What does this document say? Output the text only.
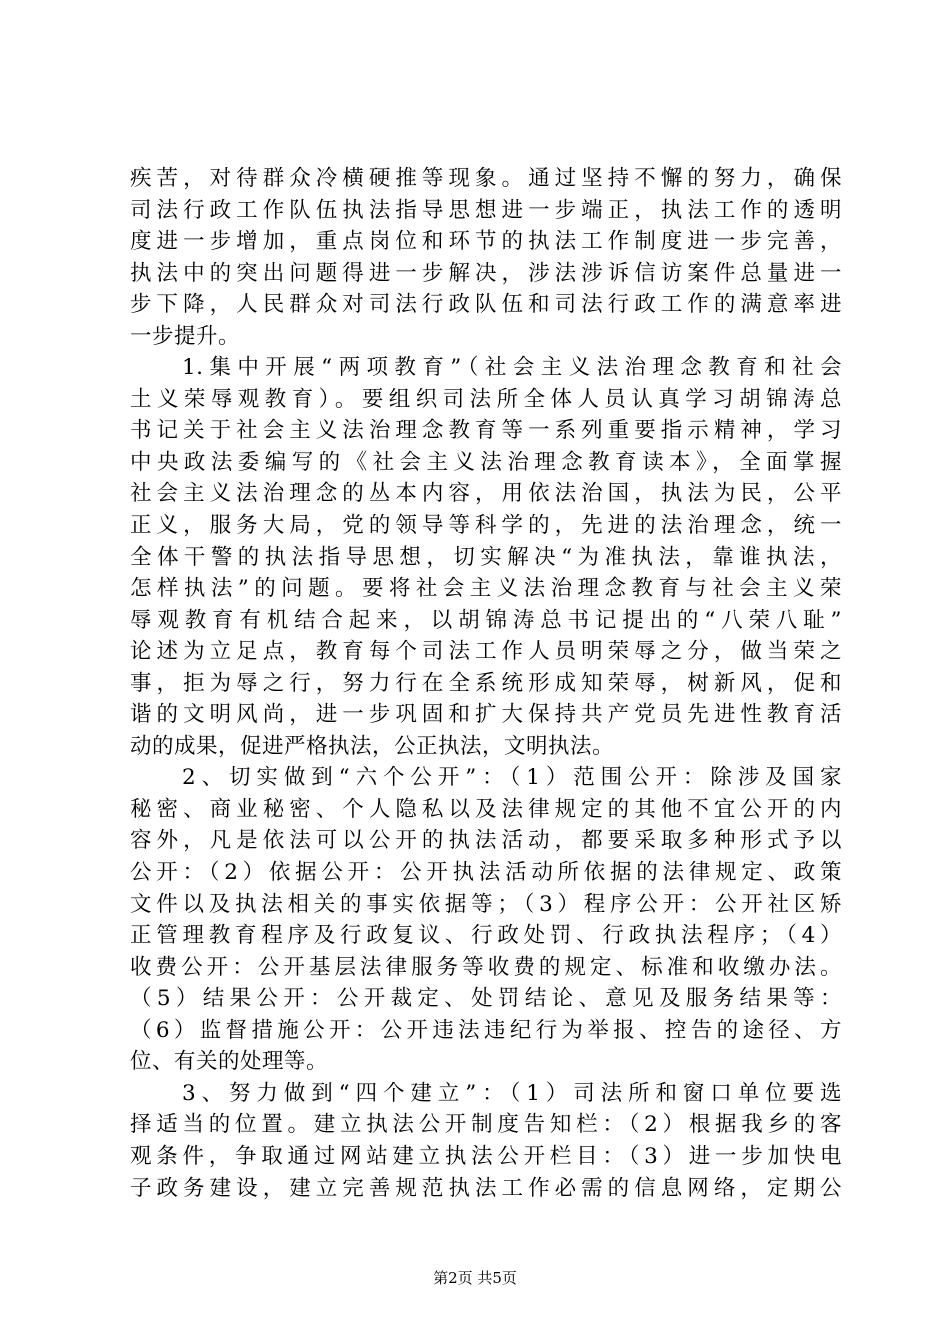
疾苦，对待群众冷横硬推等现象。通过坚持不懈的努力，确保
司法行政工作队伍执法指导思想进一步端正，执法工作的透明
度进一步增加，重点岗位和环节的执法工作制度进一步完善，
执法中的突出问题得进一步解决，涉法涉诉信访案件总量进一
步下降，人民群众对司法行政队伍和司法行政工作的满意率进
一步提升。
1.集中开展“两项教育”（社会主义法治理念教育和社会
土义荣辱观教育）。要组织司法所全体人员认真学习胡锦涛总
书记关于社会主义法治理念教育等一系列重要指示精神，学习
中央政法委编写的《社会主义法治理念教育读本》，全面掌握
社会主义法治理念的丛本内容，用依法治国，执法为民，公平
正义，服务大局，党的领导等科学的，先进的法治理念，统一
全体干警的执法指导思想，切实解决“为准执法，靠谁执法，
怎样执法”的问题。要将社会主义法治理念教育与社会主义荣
辱观教育有机结合起来，以胡锦涛总书记提出的“八荣八耻”
论述为立足点，教育每个司法工作人员明荣辱之分，做当荣之
事，拒为辱之行，努力行在全系统形成知荣辱，树新风，促和
谐的文明风尚，进一步巩固和扩大保持共产党员先进性教育活
动的成果，促进严格执法，公正执法，文明执法。
2、切实做到“六个公开”：（1）范围公开：除涉及国家
秘密、商业秘密、个人隐私以及法律规定的其他不宜公开的内
容外，凡是依法可以公开的执法活动，都要采取多种形式予以
公开：（2）依据公开：公开执法活动所依据的法律规定、政策
文件以及执法相关的事实依据等；（3）程序公开：公开社区矫
正管理教育程序及行政复议、行政处罚、行政执法程序；（4）
收费公开：公开基层法律服务等收费的规定、标准和收缴办法。
（5）结果公开：公开裁定、处罚结论、意见及服务结果等：
（6）监督措施公开：公开违法违纪行为举报、控告的途径、方
位、有关的处理等。
3、努力做到“四个建立”：（1）司法所和窗口单位要选
择适当的位置。建立执法公开制度告知栏：（2）根据我乡的客
观条件，争取通过网站建立执法公开栏目：（3）进一步加快电
子政务建设，建立完善规范执法工作必需的信息网络，定期公
第2页 共5页
